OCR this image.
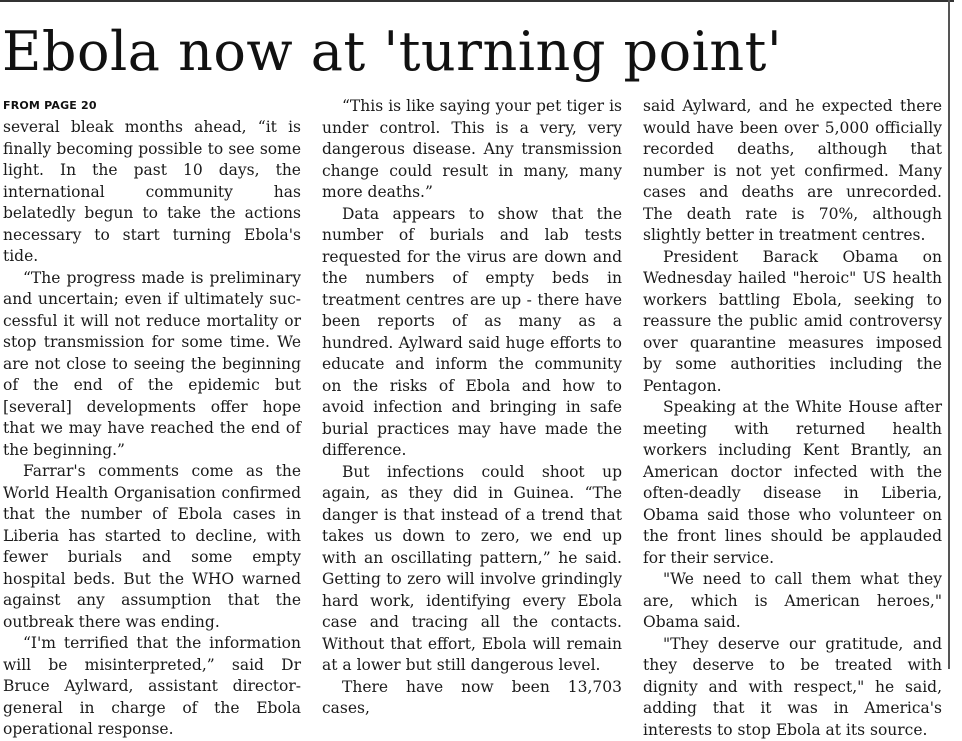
Ebola now at 'turning point'
FROM PAGE 20

several bleak months ahead, “it is finally becoming possible to see some light. In the past 10 days, the international community has belatedly begun to take the actions necessary to start turning Ebola's tide.

“The progress made is preliminary and uncertain; even if ultimately successful it will not reduce mortality or stop transmission for some time. We are not close to seeing the beginning of the end of the epidemic but [several] developments offer hope that we may have reached the end of the beginning.”

Farrar's comments come as the World Health Organisation confirmed that the number of Ebola cases in Liberia has started to decline, with fewer burials and some empty hospital beds. But the WHO warned against any assumption that the outbreak there was ending.

“I'm terrified that the information will be misinterpreted,” said Dr Bruce Aylward, assistant director-general in charge of the Ebola operational response.

“This is like saying your pet tiger is under control. This is a very, very dangerous disease. Any transmission change could result in many, many more deaths.”

Data appears to show that the number of burials and lab tests requested for the virus are down and the numbers of empty beds in treatment centres are up - there have been reports of as many as a hundred. Aylward said huge efforts to educate and inform the community on the risks of Ebola and how to avoid infection and bringing in safe burial practices may have made the difference.

But infections could shoot up again, as they did in Guinea. “The danger is that instead of a trend that takes us down to zero, we end up with an oscillating pattern,” he said. Getting to zero will involve grindingly hard work, identifying every Ebola case and tracing all the contacts. Without that effort, Ebola will remain at a lower but still dangerous level.

There have now been 13,703 cases,

said Aylward, and he expected there would have been over 5,000 officially recorded deaths, although that number is not yet confirmed. Many cases and deaths are unrecorded. The death rate is 70%, although slightly better in treatment centres.

President Barack Obama on Wednesday hailed "heroic" US health workers battling Ebola, seeking to reassure the public amid controversy over quarantine measures imposed by some authorities including the Pentagon.

Speaking at the White House after meeting with returned health workers including Kent Brantly, an American doctor infected with the often-deadly disease in Liberia, Obama said those who volunteer on the front lines should be applauded for their service.

"We need to call them what they are, which is American heroes," Obama said.

"They deserve our gratitude, and they deserve to be treated with dignity and with respect," he said, adding that it was in America's interests to stop Ebola at its source.
